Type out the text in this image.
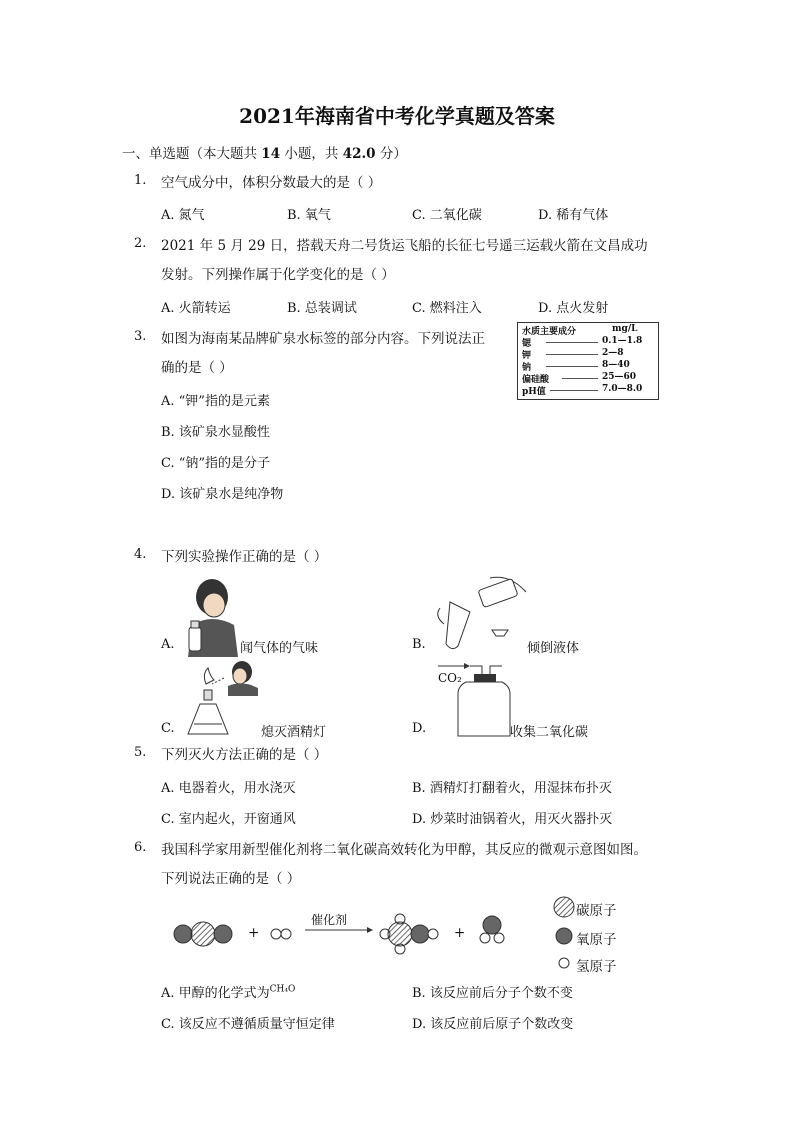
2021年海南省中考化学真题及答案
一、单选题（本大题共 14 小题，共 42.0 分）
1. 空气成分中，体积分数最大的是（ ）
A. 氮气	B. 氧气	C. 二氧化碳	D. 稀有气体
2. 2021 年 5 月 29 日，搭载天舟二号货运飞船的长征七号遥三运载火箭在文昌成功
发射。下列操作属于化学变化的是（ ）
A. 火箭转运	B. 总装调试	C. 燃料注入	D. 点火发射
3. 如图为海南某品牌矿泉水标签的部分内容。下列说法正
确的是（ ）
A. “钾”指的是元素
B. 该矿泉水显酸性
C. “钠”指的是分子
D. 该矿泉水是纯净物
水质主要成分	mg/L
锶	0.1—1.8
钾	2—8
钠	8—40
偏硅酸	25—60
pH值	7.0—8.0
4. 下列实验操作正确的是（ ）
A.	闻气体的气味	B.	倾倒液体
C.	熄灭酒精灯	D.
CO₂
收集二氧化碳
5. 下列灭火方法正确的是（ ）
A. 电器着火，用水浇灭	B. 酒精灯打翻着火，用湿抹布扑灭
C. 室内起火，开窗通风	D. 炒菜时油锅着火，用灭火器扑灭
6. 我国科学家用新型催化剂将二氧化碳高效转化为甲醇，其反应的微观示意图如图。
下列说法正确的是（ ）
+	+
催化剂
碳原子
氧原子
氢原子
A. 甲醇的化学式为$^{CH_4O}$	B. 该反应前后分子个数不变
C. 该反应不遵循质量守恒定律	D. 该反应前后原子个数改变
